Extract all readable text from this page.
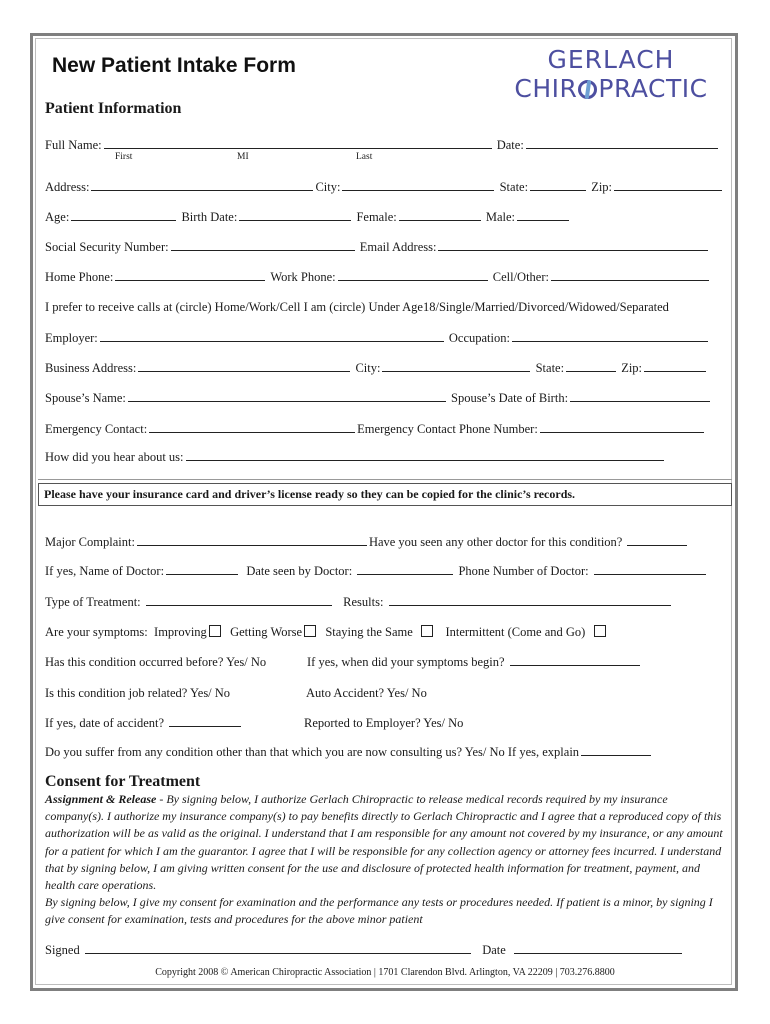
New Patient Intake Form	GERLACH
CHIR PRACTIC
Patient Information
Full Name:	Date:
First	MI	Last
Address:	City:	State:	Zip:
Age:	Birth Date:	Female:	Male:
Social Security Number:	Email Address:
Home Phone:	Work Phone:	Cell/Other:
I prefer to receive calls at (circle) Home/Work/Cell I am (circle) Under Age18/Single/Married/Divorced/Widowed/Separated
Employer:	Occupation:
Business Address:	City:	State:	Zip:
Spouse’s Name:	Spouse’s Date of Birth:
Emergency Contact:	Emergency Contact Phone Number:
How did you hear about us:
Please have your insurance card and driver’s license ready so they can be copied for the clinic’s records.
Major Complaint:	Have you seen any other doctor for this condition?
If yes, Name of Doctor:	Date seen by Doctor:	Phone Number of Doctor:
Type of Treatment:	Results:
Are your symptoms: Improving Getting Worse Staying the Same	Intermittent (Come and Go)
Has this condition occurred before? Yes/ No	If yes, when did your symptoms begin?
Is this condition job related? Yes/ No	Auto Accident? Yes/ No
If yes, date of accident?	Reported to Employer? Yes/ No
Do you suffer from any condition other than that which you are now consulting us? Yes/ No If yes, explain
Consent for Treatment
Assignment & Release - By signing below, I authorize Gerlach Chiropractic to release medical records required by my insurance company(s). I authorize my insurance company(s) to pay benefits directly to Gerlach Chiropractic and I agree that a reproduced copy of this authorization will be as valid as the original. I understand that I am responsible for any amount not covered by my insurance, or any amount for a patient for which I am the guarantor. I agree that I will be responsible for any collection agency or attorney fees incurred. I understand that by signing below, I am giving written consent for the use and disclosure of protected health information for treatment, payment, and health care operations.
By signing below, I give my consent for examination and the performance any tests or procedures needed. If patient is a minor, by signing I give consent for examination, tests and procedures for the above minor patient
Signed	Date
Copyright 2008 © American Chiropractic Association | 1701 Clarendon Blvd. Arlington, VA 22209 | 703.276.8800
